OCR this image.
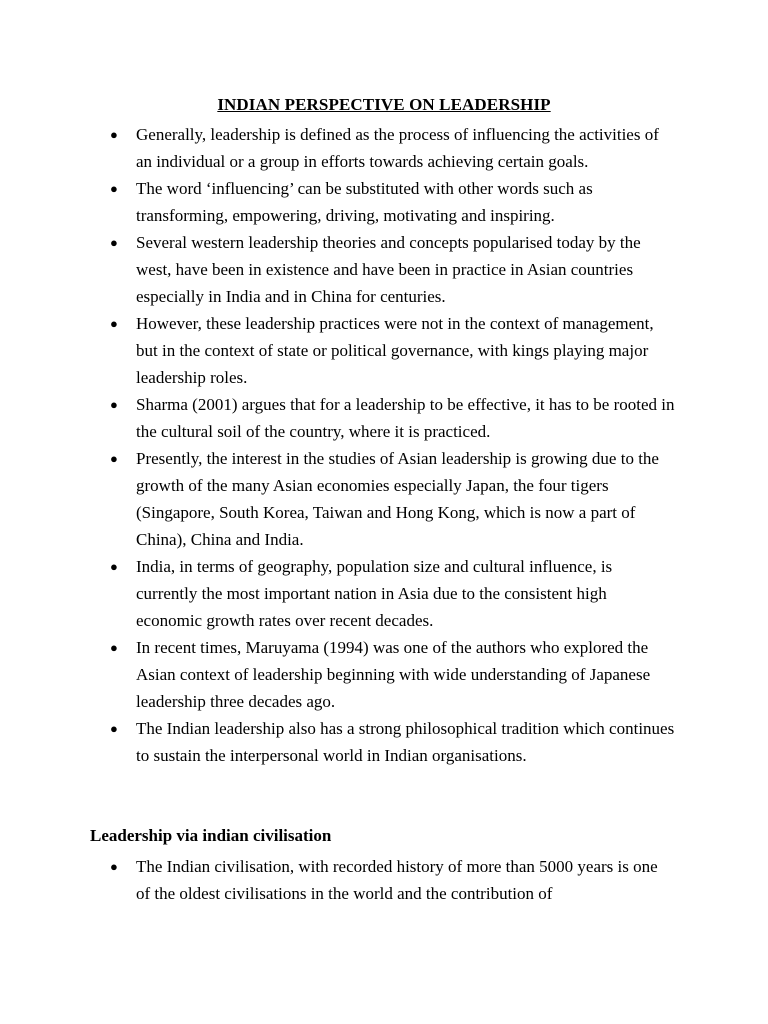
INDIAN PERSPECTIVE ON LEADERSHIP
●	Generally, leadership is defined as the process of influencing the activities of an individual or a group in efforts towards achieving certain goals.
●	The word ‘influencing’ can be substituted with other words such as transforming, empowering, driving, motivating and inspiring.
●	Several western leadership theories and concepts popularised today by the west, have been in existence and have been in practice in Asian countries especially in India and in China for centuries.
●	However, these leadership practices were not in the context of management, but in the context of state or political governance, with kings playing major leadership roles.
●	Sharma (2001) argues that for a leadership to be effective, it has to be rooted in the cultural soil of the country, where it is practiced.
●	Presently, the interest in the studies of Asian leadership is growing due to the growth of the many Asian economies especially Japan, the four tigers (Singapore, South Korea, Taiwan and Hong Kong, which is now a part of China), China and India.
●	India, in terms of geography, population size and cultural influence, is currently the most important nation in Asia due to the consistent high economic growth rates over recent decades.
●	In recent times, Maruyama (1994) was one of the authors who explored the Asian context of leadership beginning with wide understanding of Japanese leadership three decades ago.
●	The Indian leadership also has a strong philosophical tradition which continues to sustain the interpersonal world in Indian organisations.
Leadership via indian civilisation
●	The Indian civilisation, with recorded history of more than 5000 years is one of the oldest civilisations in the world and the contribution of
